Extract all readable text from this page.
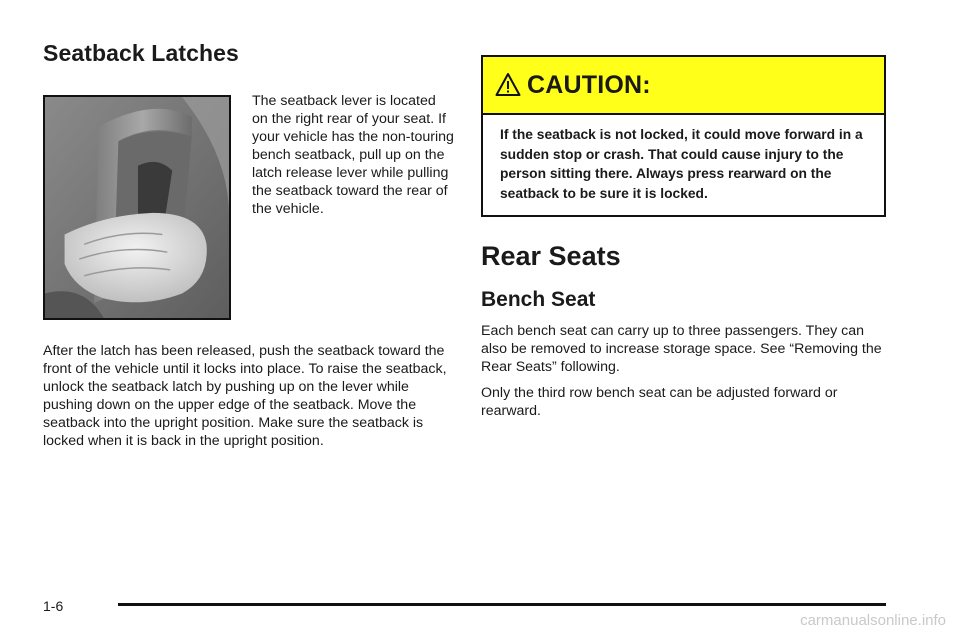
Seatback Latches

The seatback lever is located on the right rear of your seat. If your vehicle has the non-touring bench seatback, pull up on the latch release lever while pulling the seatback toward the rear of the vehicle.

After the latch has been released, push the seatback toward the front of the vehicle until it locks into place. To raise the seatback, unlock the seatback latch by pushing up on the lever while pushing down on the upper edge of the seatback. Move the seatback into the upright position. Make sure the seatback is locked when it is back in the upright position.

CAUTION:
If the seatback is not locked, it could move forward in a sudden stop or crash. That could cause injury to the person sitting there. Always press rearward on the seatback to be sure it is locked.
Rear Seats
Bench Seat

Each bench seat can carry up to three passengers. They can also be removed to increase storage space. See “Removing the Rear Seats” following.

Only the third row bench seat can be adjusted forward or rearward.

1-6
carmanualsonline.info
